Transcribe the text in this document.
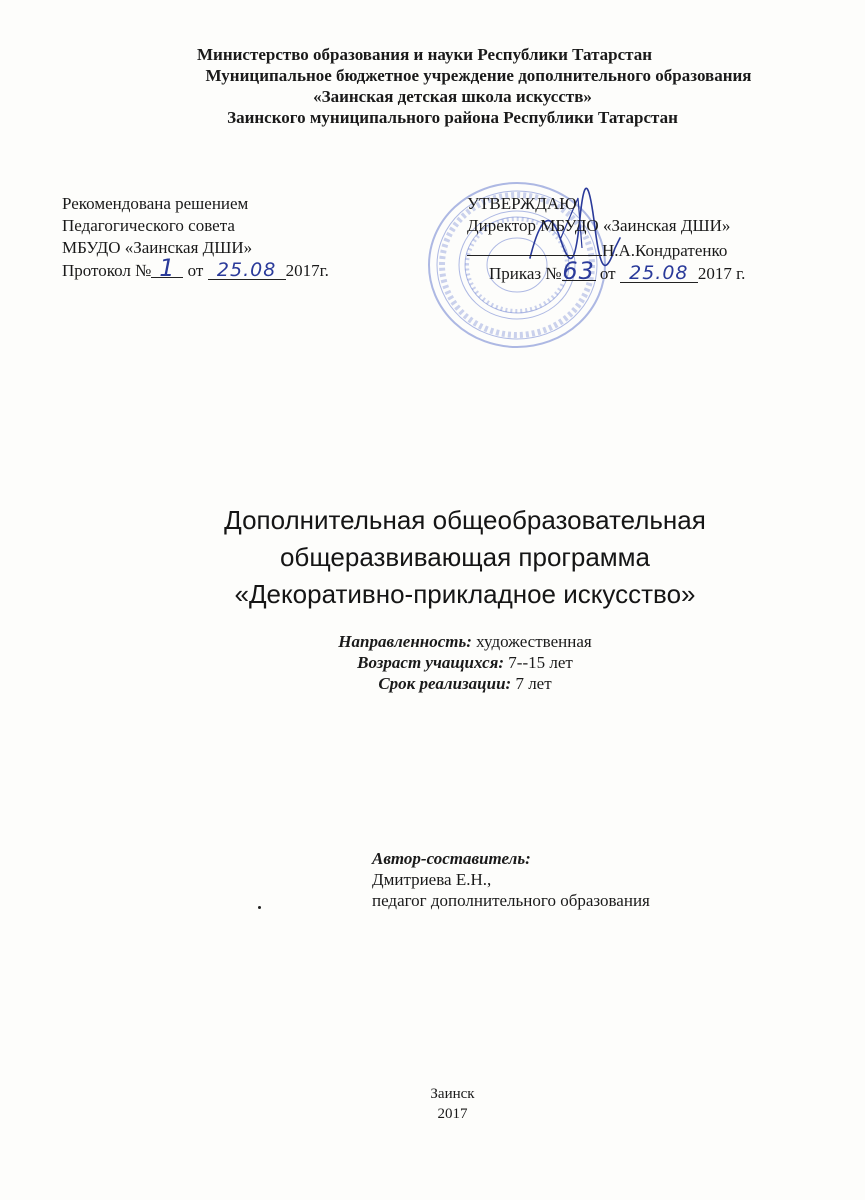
Министерство образования и науки Республики Татарстан
Муниципальное бюджетное учреждение дополнительного образования
«Заинская детская школа искусств»
Заинского муниципального района Республики Татарстан
Рекомендована решением
Педагогического совета
МБУДО «Заинская ДШИ»
Протокол № 1 от 25.08 2017г.
УТВЕРЖДАЮ
Директор МБУДО «Заинская ДШИ»
Н.А.Кондратенко
Приказ №63 от 25.08 2017 г.
Дополнительная общеобразовательная
общеразвивающая программа
«Декоративно-прикладное искусство»
Направленность: художественная
Возраст учащихся: 7--15 лет
Срок реализации: 7 лет
Автор-составитель:
Дмитриева Е.Н.,
педагог дополнительного образования
Заинск
2017
